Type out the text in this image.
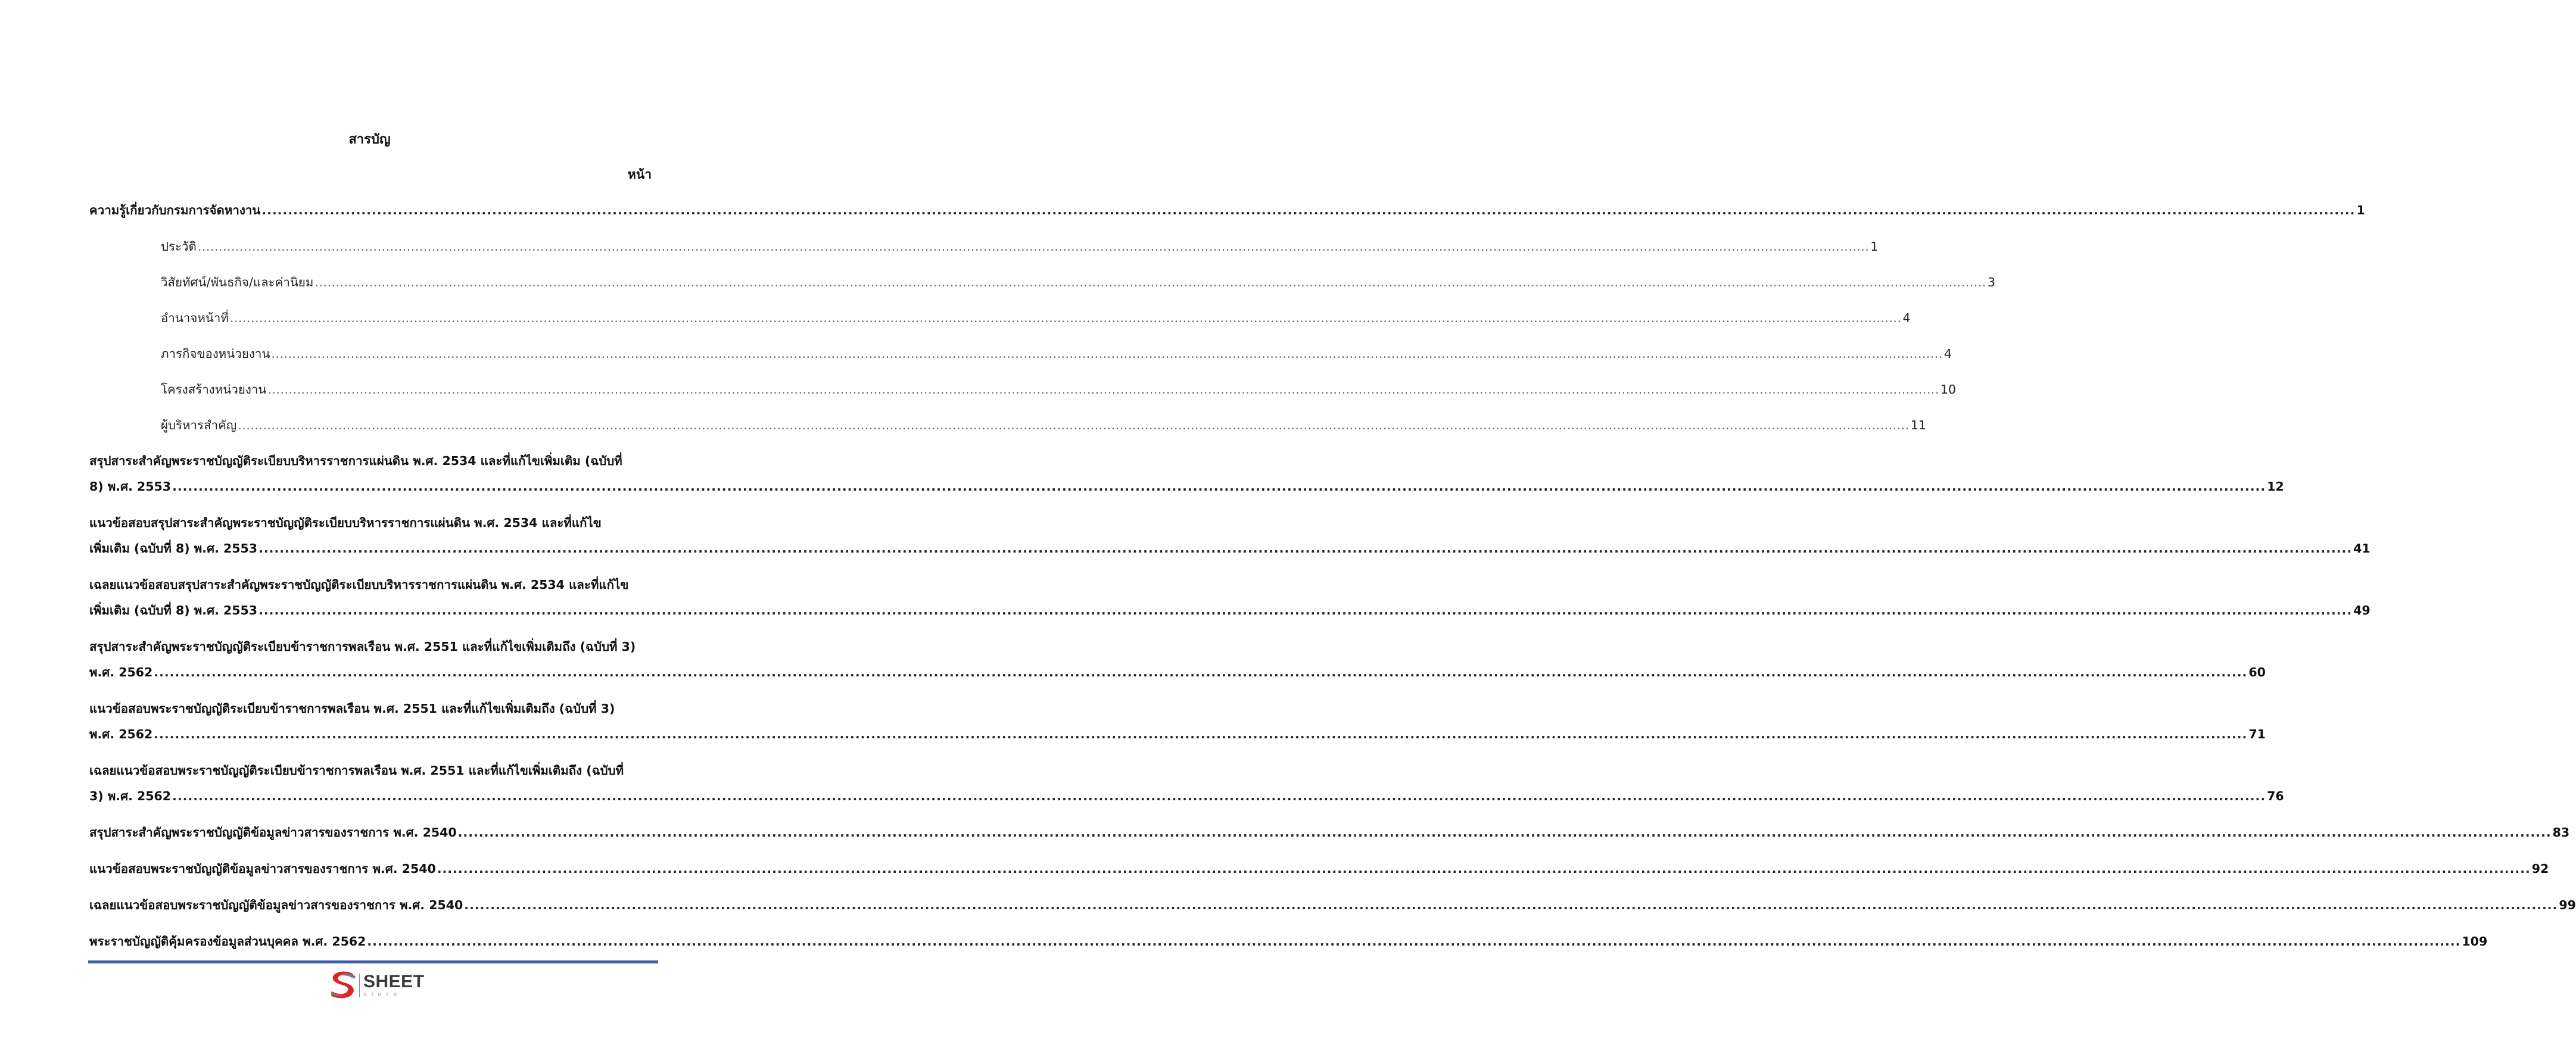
สารบัญ
หน้า
ความรู้เกี่ยวกับกรมการจัดหางาน ................................................................................................................................................................................................................................................................................................................................................................................................................ 1
ประวัติ ................................................................................................................................................................................................................................................................................................................................................................................................................ 1
วิสัยทัศน์/พันธกิจ/และค่านิยม ................................................................................................................................................................................................................................................................................................................................................................................................................ 3
อำนาจหน้าที่ ................................................................................................................................................................................................................................................................................................................................................................................................................ 4
ภารกิจของหน่วยงาน ................................................................................................................................................................................................................................................................................................................................................................................................................ 4
โครงสร้างหน่วยงาน ................................................................................................................................................................................................................................................................................................................................................................................................................ 10
ผู้บริหารสำคัญ ................................................................................................................................................................................................................................................................................................................................................................................................................ 11
สรุปสาระสำคัญพระราชบัญญัติระเบียบบริหารราชการแผ่นดิน พ.ศ. 2534 และที่แก้ไขเพิ่มเติม (ฉบับที่
8) พ.ศ. 2553 ................................................................................................................................................................................................................................................................................................................................................................................................................ 12
แนวข้อสอบสรุปสาระสำคัญพระราชบัญญัติระเบียบบริหารราชการแผ่นดิน พ.ศ. 2534 และที่แก้ไข
เพิ่มเติม (ฉบับที่ 8) พ.ศ. 2553 ................................................................................................................................................................................................................................................................................................................................................................................................................ 41
เฉลยแนวข้อสอบสรุปสาระสำคัญพระราชบัญญัติระเบียบบริหารราชการแผ่นดิน พ.ศ. 2534 และที่แก้ไข
เพิ่มเติม (ฉบับที่ 8) พ.ศ. 2553 ................................................................................................................................................................................................................................................................................................................................................................................................................ 49
สรุปสาระสำคัญพระราชบัญญัติระเบียบข้าราชการพลเรือน พ.ศ. 2551 และที่แก้ไขเพิ่มเติมถึง (ฉบับที่ 3)
พ.ศ. 2562 ................................................................................................................................................................................................................................................................................................................................................................................................................ 60
แนวข้อสอบพระราชบัญญัติระเบียบข้าราชการพลเรือน พ.ศ. 2551 และที่แก้ไขเพิ่มเติมถึง (ฉบับที่ 3)
พ.ศ. 2562 ................................................................................................................................................................................................................................................................................................................................................................................................................ 71
เฉลยแนวข้อสอบพระราชบัญญัติระเบียบข้าราชการพลเรือน พ.ศ. 2551 และที่แก้ไขเพิ่มเติมถึง (ฉบับที่
3) พ.ศ. 2562 ................................................................................................................................................................................................................................................................................................................................................................................................................ 76
สรุปสาระสำคัญพระราชบัญญัติข้อมูลข่าวสารของราชการ พ.ศ. 2540 ................................................................................................................................................................................................................................................................................................................................................................................................................ 83
แนวข้อสอบพระราชบัญญัติข้อมูลข่าวสารของราชการ พ.ศ. 2540 ................................................................................................................................................................................................................................................................................................................................................................................................................ 92
เฉลยแนวข้อสอบพระราชบัญญัติข้อมูลข่าวสารของราชการ พ.ศ. 2540 ................................................................................................................................................................................................................................................................................................................................................................................................................ 99
พระราชบัญญัติคุ้มครองข้อมูลส่วนบุคคล พ.ศ. 2562 ................................................................................................................................................................................................................................................................................................................................................................................................................ 109
SHEET
store
